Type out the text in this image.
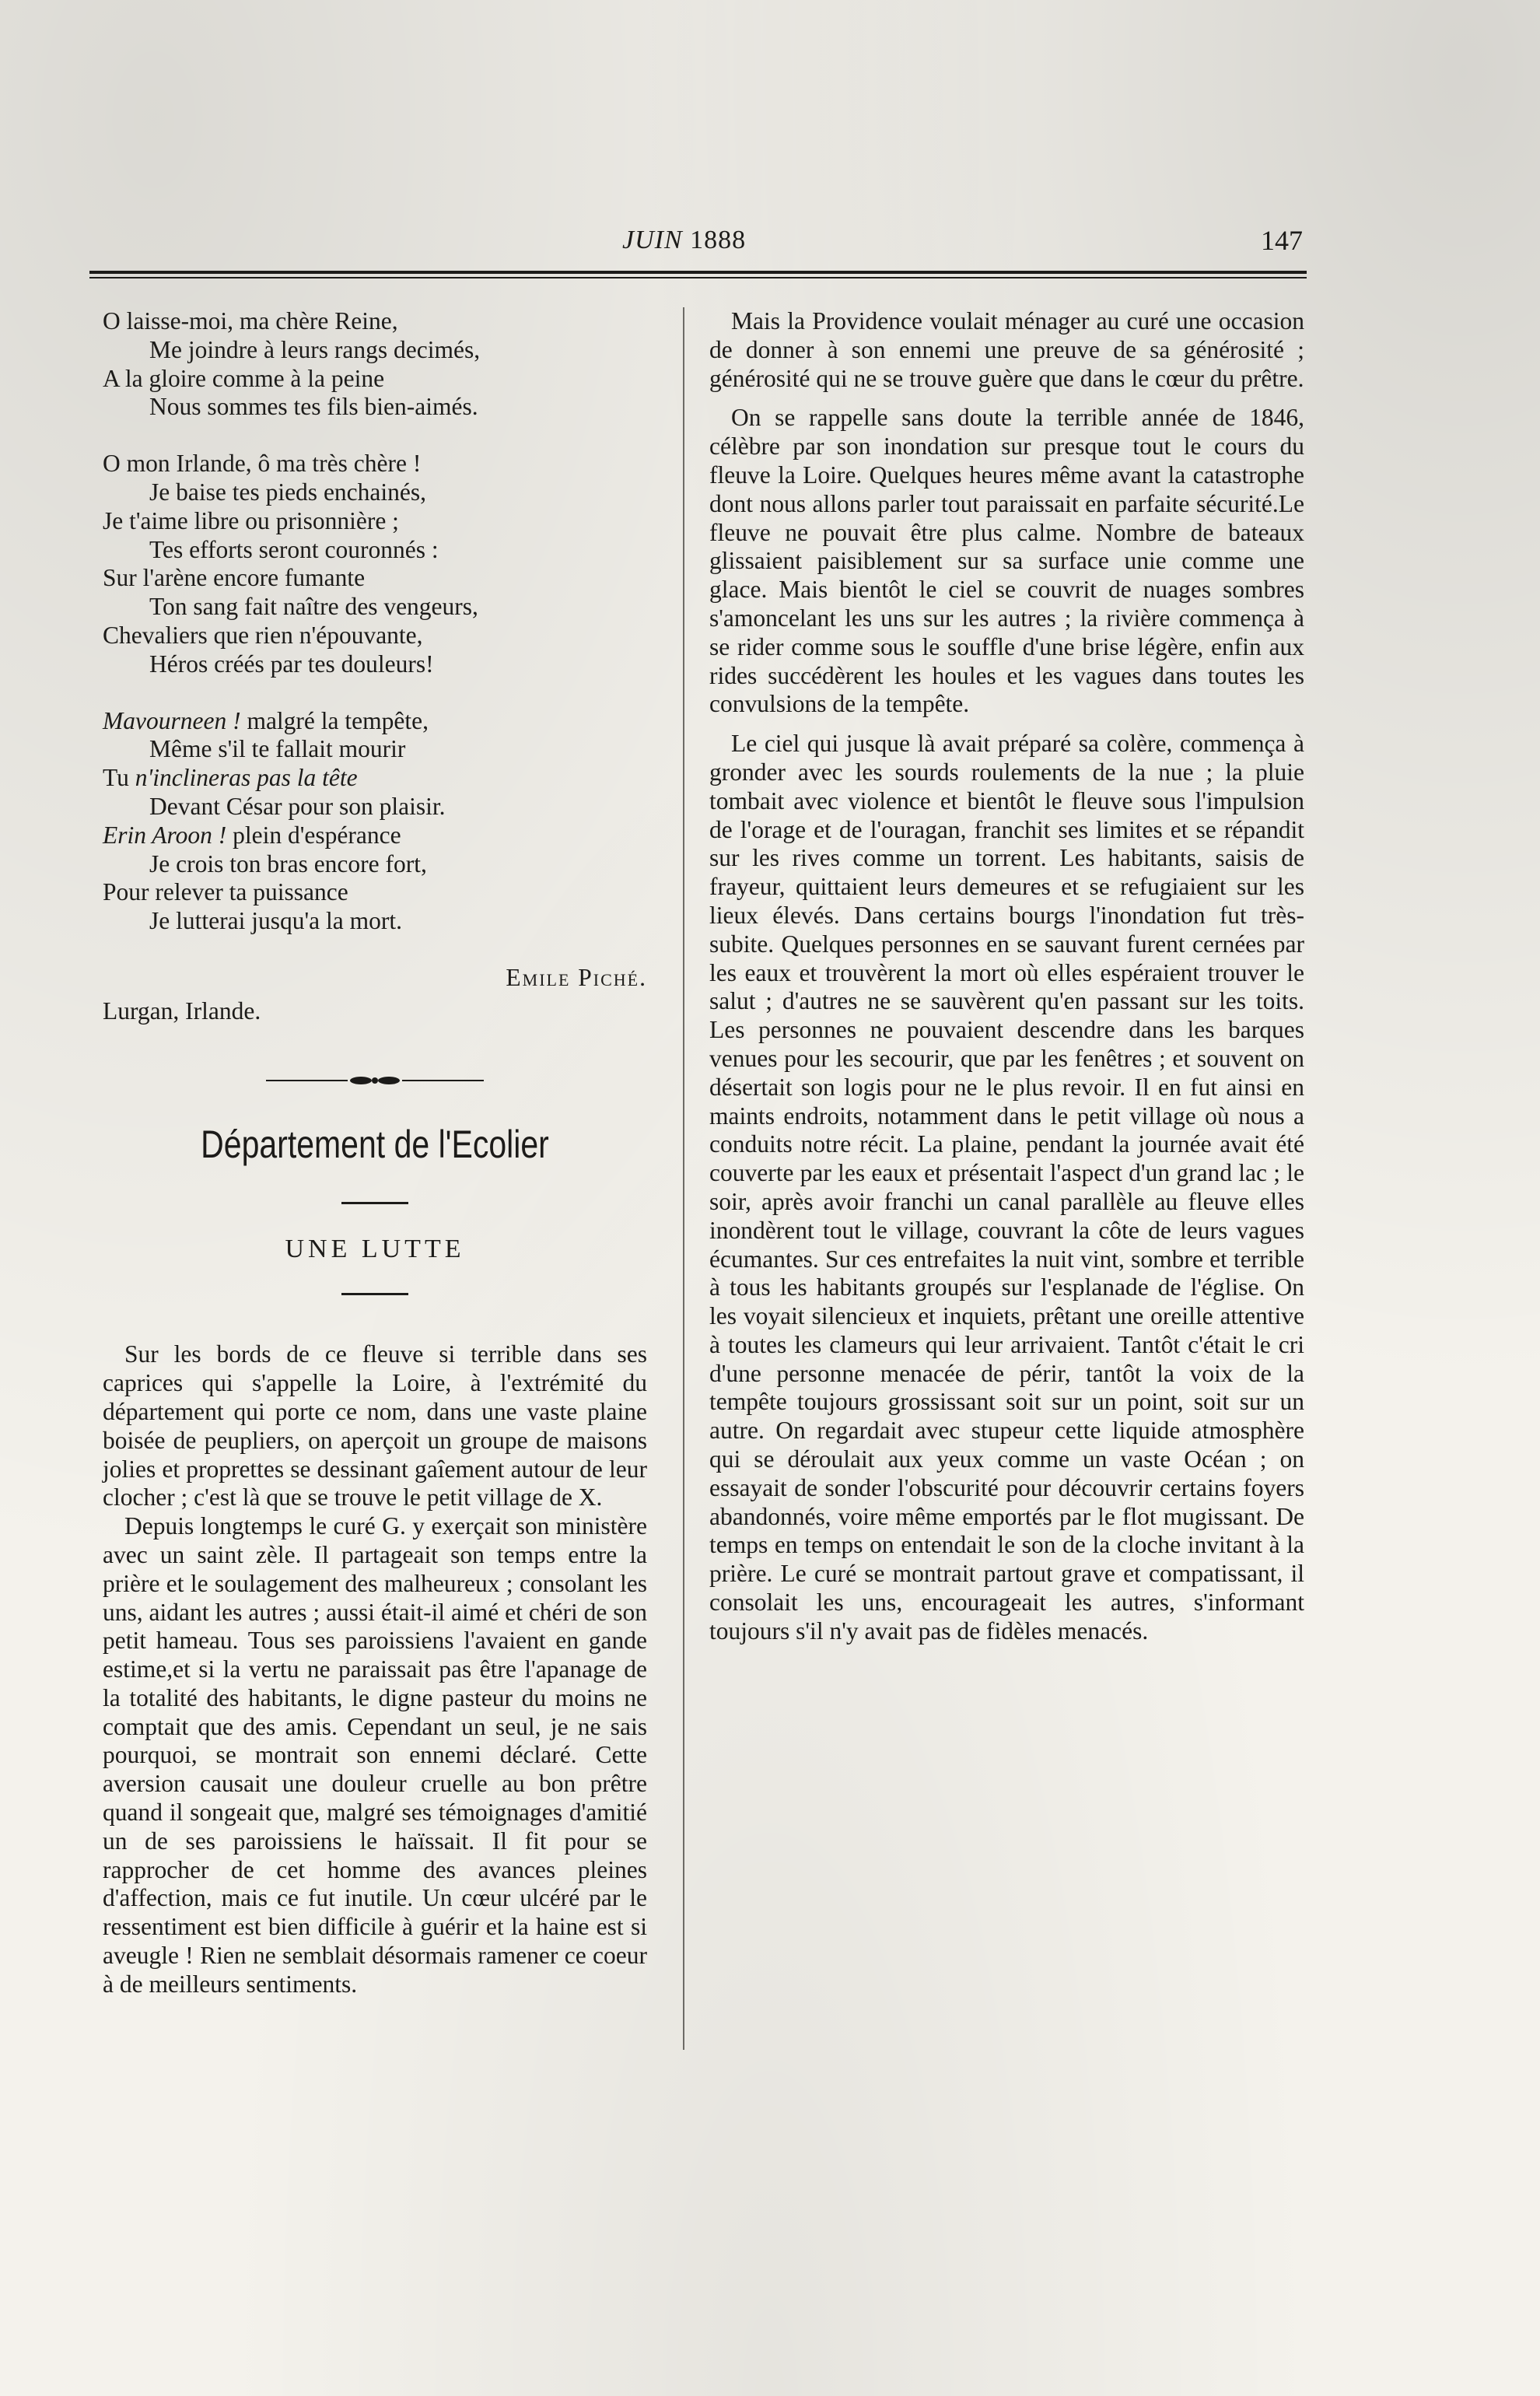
JUIN 1888	147
O laisse-moi, ma chère Reine,
Me joindre à leurs rangs decimés,
A la gloire comme à la peine
Nous sommes tes fils bien-aimés.
O mon Irlande, ô ma très chère !
Je baise tes pieds enchainés,
Je t'aime libre ou prisonnière ;
Tes efforts seront couronnés :
Sur l'arène encore fumante
Ton sang fait naître des vengeurs,
Chevaliers que rien n'épouvante,
Héros créés par tes douleurs!
Mavourneen ! malgré la tempête,
Même s'il te fallait mourir
Tu n'inclineras pas la tête
Devant César pour son plaisir.
Erin Aroon ! plein d'espérance
Je crois ton bras encore fort,
Pour relever ta puissance
Je lutterai jusqu'a la mort.
Emile Piché.
Lurgan, Irlande.
Département de l'Ecolier
UNE LUTTE

Sur les bords de ce fleuve si terrible dans ses caprices qui s'appelle la Loire, à l'extrémité du département qui porte ce nom, dans une vaste plaine boisée de peupliers, on aperçoit un groupe de maisons jolies et proprettes se dessinant gaîement autour de leur clocher ; c'est là que se trouve le petit village de X.

Depuis longtemps le curé G. y exerçait son ministère avec un saint zèle. Il partageait son temps entre la prière et le soulagement des malheureux ; consolant les uns, aidant les autres ; aussi était-il aimé et chéri de son petit hameau. Tous ses paroissiens l'avaient en gande estime,et si la vertu ne paraissait pas être l'apanage de la totalité des habitants, le digne pasteur du moins ne comptait que des amis. Cependant un seul, je ne sais pourquoi, se montrait son ennemi déclaré. Cette aversion causait une douleur cruelle au bon prêtre quand il songeait que, malgré ses témoignages d'amitié un de ses paroissiens le haïssait. Il fit pour se rapprocher de cet homme des avances pleines d'affection, mais ce fut inutile. Un cœur ulcéré par le ressentiment est bien difficile à guérir et la haine est si aveugle ! Rien ne semblait désormais ramener ce coeur à de meilleurs sentiments.

Mais la Providence voulait ménager au curé une occasion de donner à son ennemi une preuve de sa générosité ; générosité qui ne se trouve guère que dans le cœur du prêtre.

On se rappelle sans doute la terrible année de 1846, célèbre par son inondation sur presque tout le cours du fleuve la Loire. Quelques heures même avant la catastrophe dont nous allons parler tout paraissait en parfaite sécurité.Le fleuve ne pouvait être plus calme. Nombre de bateaux glissaient paisiblement sur sa surface unie comme une glace. Mais bientôt le ciel se couvrit de nuages sombres s'amoncelant les uns sur les autres ; la rivière commença à se rider comme sous le souffle d'une brise légère, enfin aux rides succédèrent les houles et les vagues dans toutes les convulsions de la tempête.

Le ciel qui jusque là avait préparé sa colère, commença à gronder avec les sourds roulements de la nue ; la pluie tombait avec violence et bientôt le fleuve sous l'impulsion de l'orage et de l'ouragan, franchit ses limites et se répandit sur les rives comme un torrent. Les habitants, saisis de frayeur, quittaient leurs demeures et se refugiaient sur les lieux élevés. Dans certains bourgs l'inondation fut très-subite. Quelques personnes en se sauvant furent cernées par les eaux et trouvèrent la mort où elles espéraient trouver le salut ; d'autres ne se sauvèrent qu'en passant sur les toits. Les personnes ne pouvaient descendre dans les barques venues pour les secourir, que par les fenêtres ; et souvent on désertait son logis pour ne le plus revoir. Il en fut ainsi en maints endroits, notamment dans le petit village où nous a conduits notre récit. La plaine, pendant la journée avait été couverte par les eaux et présentait l'aspect d'un grand lac ; le soir, après avoir franchi un canal parallèle au fleuve elles inondèrent tout le village, couvrant la côte de leurs vagues écumantes. Sur ces entrefaites la nuit vint, sombre et terrible à tous les habitants groupés sur l'esplanade de l'église. On les voyait silencieux et inquiets, prêtant une oreille attentive à toutes les clameurs qui leur arrivaient. Tantôt c'était le cri d'une personne menacée de périr, tantôt la voix de la tempête toujours grossissant soit sur un point, soit sur un autre. On regardait avec stupeur cette liquide atmosphère qui se déroulait aux yeux comme un vaste Océan ; on essayait de sonder l'obscurité pour découvrir certains foyers abandonnés, voire même emportés par le flot mugissant. De temps en temps on entendait le son de la cloche invitant à la prière. Le curé se montrait partout grave et compatissant, il consolait les uns, encourageait les autres, s'informant toujours s'il n'y avait pas de fidèles menacés.
